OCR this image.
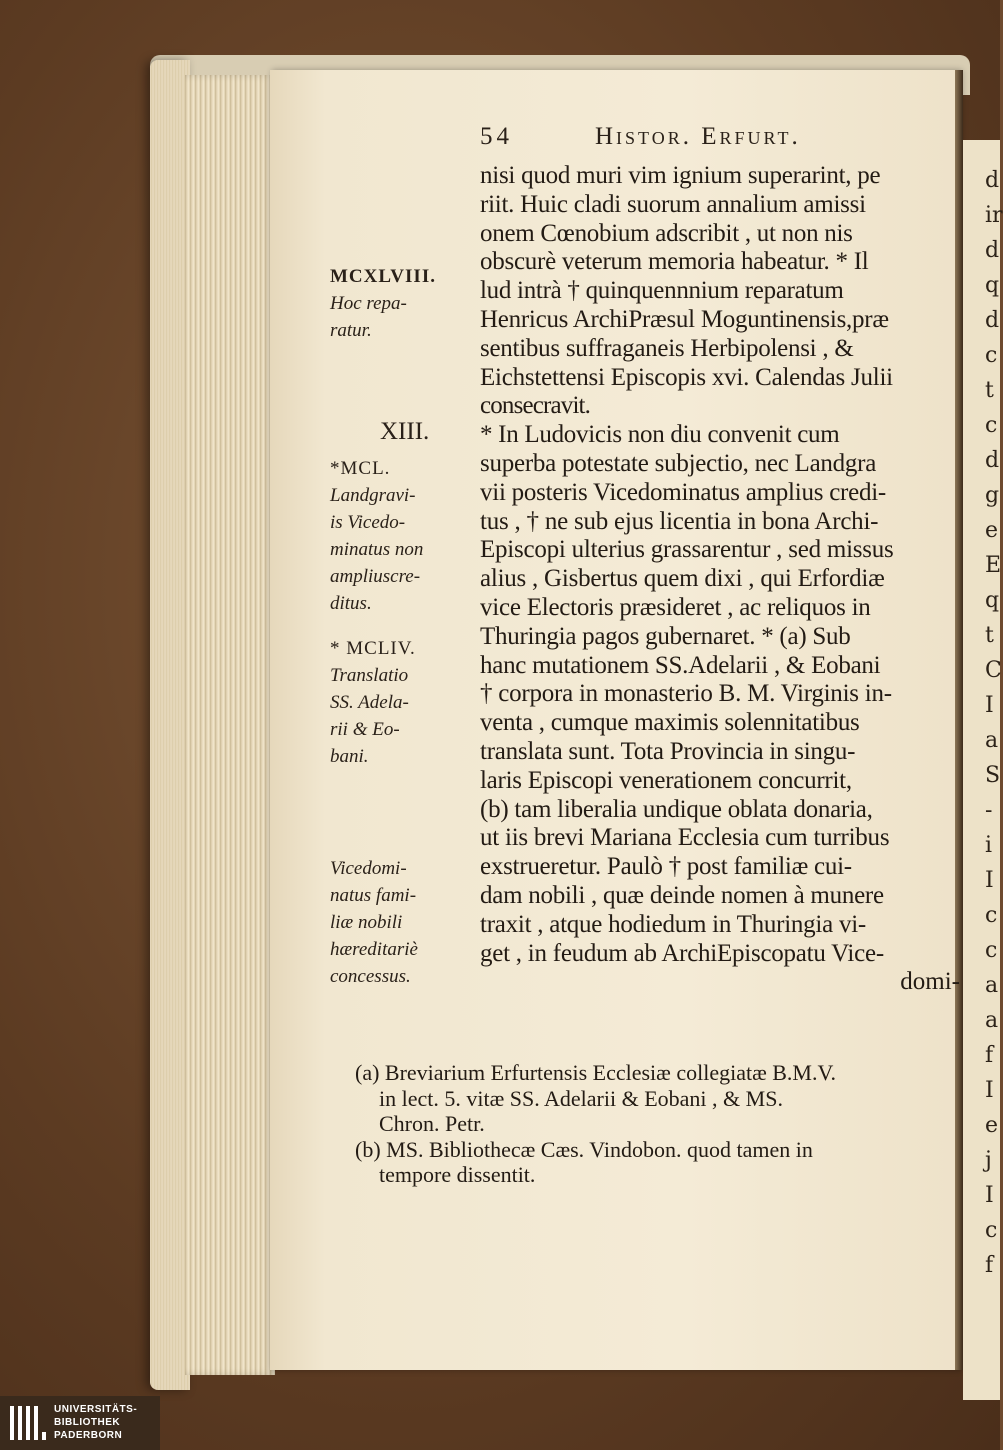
d
ir
d
q
d
c
t
c
d
g
e
E
q
t
C
I
a
S
-
i
I
c
c
a
a
f
I
e
j
I
c
f
54	Histor. Erfurt.
nisi quod muri vim ignium superarint, pe
riit. Huic cladi suorum annalium amissi
onem Cœnobium adscribit , ut non nis
obscurè veterum memoria habeatur. * Il
lud intrà † quinquennnium reparatum
Henricus ArchiPræsul Moguntinensis,præ
sentibus suffraganeis Herbipolensi , &
Eichstettensi Episcopis xvi. Calendas Julii
consecravit.
* In Ludovicis non diu convenit cum
superba potestate subjectio, nec Landgra
vii posteris Vicedominatus amplius credi-
tus , † ne sub ejus licentia in bona Archi-
Episcopi ulterius grassarentur , sed missus
alius , Gisbertus quem dixi , qui Erfordiæ
vice Electoris præsideret , ac reliquos in
Thuringia pagos gubernaret. * (a) Sub
hanc mutationem SS.Adelarii , & Eobani
† corpora in monasterio B. M. Virginis in-
venta , cumque maximis solennitatibus
translata sunt. Tota Provincia in singu-
laris Episcopi venerationem concurrit,
(b) tam liberalia undique oblata donaria,
ut iis brevi Mariana Ecclesia cum turribus
exstrueretur. Paulò † post familiæ cui-
dam nobili , quæ deinde nomen à munere
traxit , atque hodiedum in Thuringia vi-
get , in feudum ab ArchiEpiscopatu Vice-
domi-
MCXLVIII.
Hoc repa-
ratur.
XIII.
*MCL.
Landgravi-
is Vicedo-
minatus non
ampliuscre-
ditus.
* MCLIV.
Translatio
SS. Adela-
rii & Eo-
bani.
Vicedomi-
natus fami-
liæ nobili
hæreditariè
concessus.
(a) Breviarium Erfurtensis Ecclesiæ collegiatæ B.M.V.
in lect. 5. vitæ SS. Adelarii & Eobani , & MS.
Chron. Petr.
(b) MS. Bibliothecæ Cæs. Vindobon. quod tamen in
tempore dissentit.
UNIVERSITÄTS-
BIBLIOTHEK
PADERBORN
